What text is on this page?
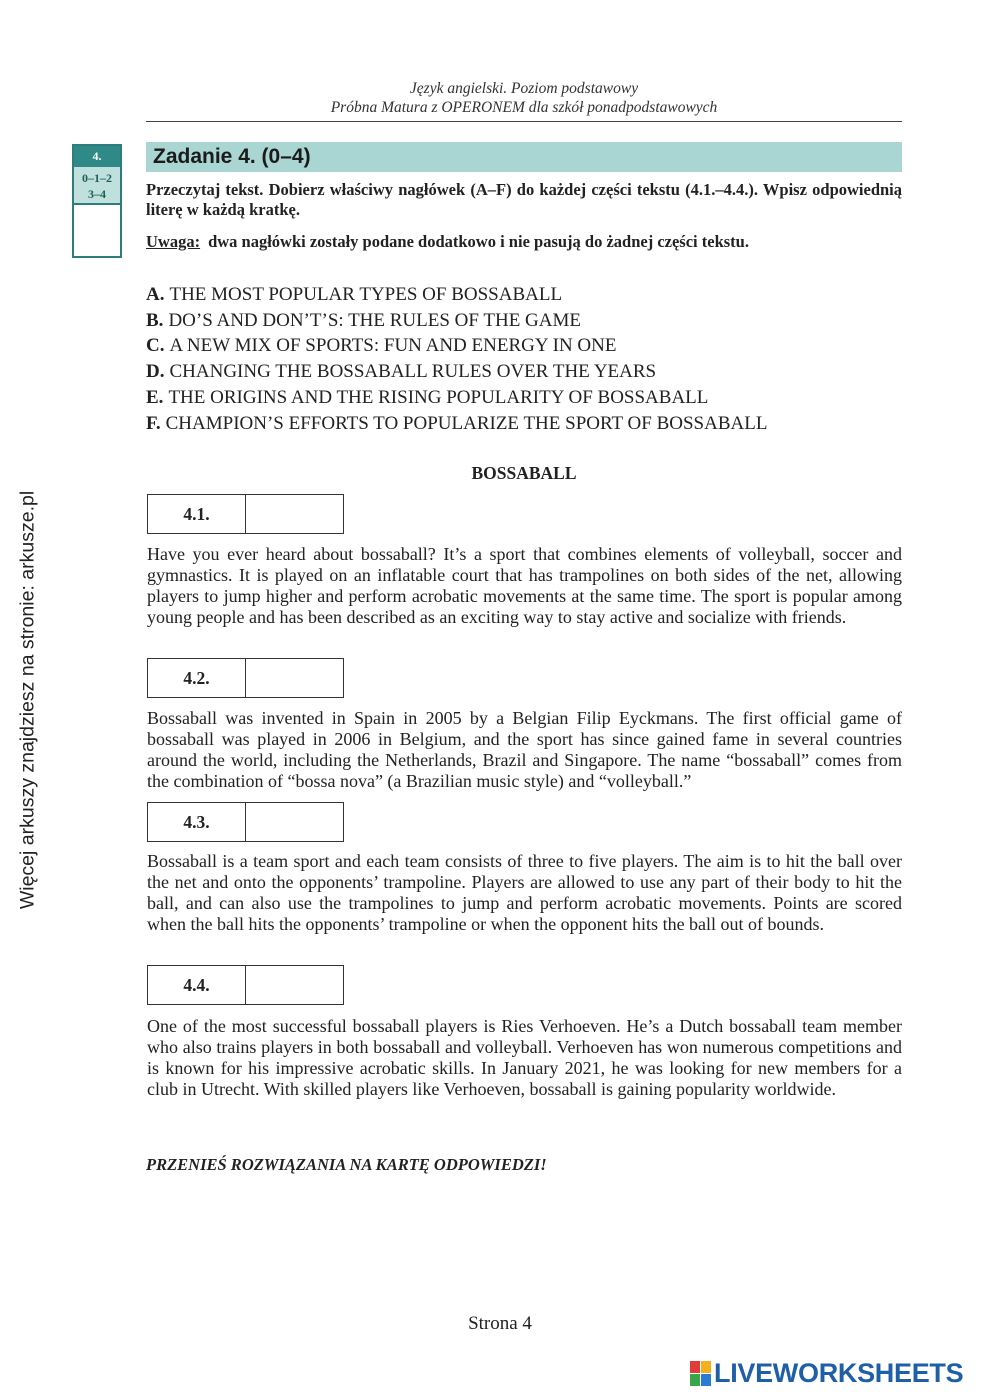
Język angielski. Poziom podstawowy
Próbna Matura z OPERONEM dla szkół ponadpodstawowych
4.
0–1–2
3–4
Zadanie 4. (0–4)
Przeczytaj tekst. Dobierz właściwy nagłówek (A–F) do każdej części tekstu (4.1.–4.4.). Wpisz odpowiednią literę w każdą kratkę.
Uwaga: dwa nagłówki zostały podane dodatkowo i nie pasują do żadnej części tekstu.
A. THE MOST POPULAR TYPES OF BOSSABALL
B. DO’S AND DON’T’S: THE RULES OF THE GAME
C. A NEW MIX OF SPORTS: FUN AND ENERGY IN ONE
D. CHANGING THE BOSSABALL RULES OVER THE YEARS
E. THE ORIGINS AND THE RISING POPULARITY OF BOSSABALL
F. CHAMPION’S EFFORTS TO POPULARIZE THE SPORT OF BOSSABALL
BOSSABALL
4.1.

Have you ever heard about bossaball? It’s a sport that combines elements of volleyball, soccer and gymnastics. It is played on an inflatable court that has trampolines on both sides of the net, allowing players to jump higher and perform acrobatic movements at the same time. The sport is popular among young people and has been described as an exciting way to stay active and socialize with friends.

4.2.

Bossaball was invented in Spain in 2005 by a Belgian Filip Eyckmans. The first official game of bossaball was played in 2006 in Belgium, and the sport has since gained fame in several countries around the world, including the Netherlands, Brazil and Singapore. The name “bossaball” comes from the combination of “bossa nova” (a Brazilian music style) and “volleyball.”

4.3.

Bossaball is a team sport and each team consists of three to five players. The aim is to hit the ball over the net and onto the opponents’ trampoline. Players are allowed to use any part of their body to hit the ball, and can also use the trampolines to jump and perform acrobatic movements. Points are scored when the ball hits the opponents’ trampoline or when the opponent hits the ball out of bounds.

4.4.

One of the most successful bossaball players is Ries Verhoeven. He’s a Dutch bossaball team member who also trains players in both bossaball and volleyball. Verhoeven has won numerous competitions and is known for his impressive acrobatic skills. In January 2021, he was looking for new members for a club in Utrecht. With skilled players like Verhoeven, bossaball is gaining popularity worldwide.

PRZENIEŚ ROZWIĄZANIA NA KARTĘ ODPOWIEDZI!
Strona 4
Więcej arkuszy znajdziesz na stronie: arkusze.pl
LIVEWORKSHEETS
